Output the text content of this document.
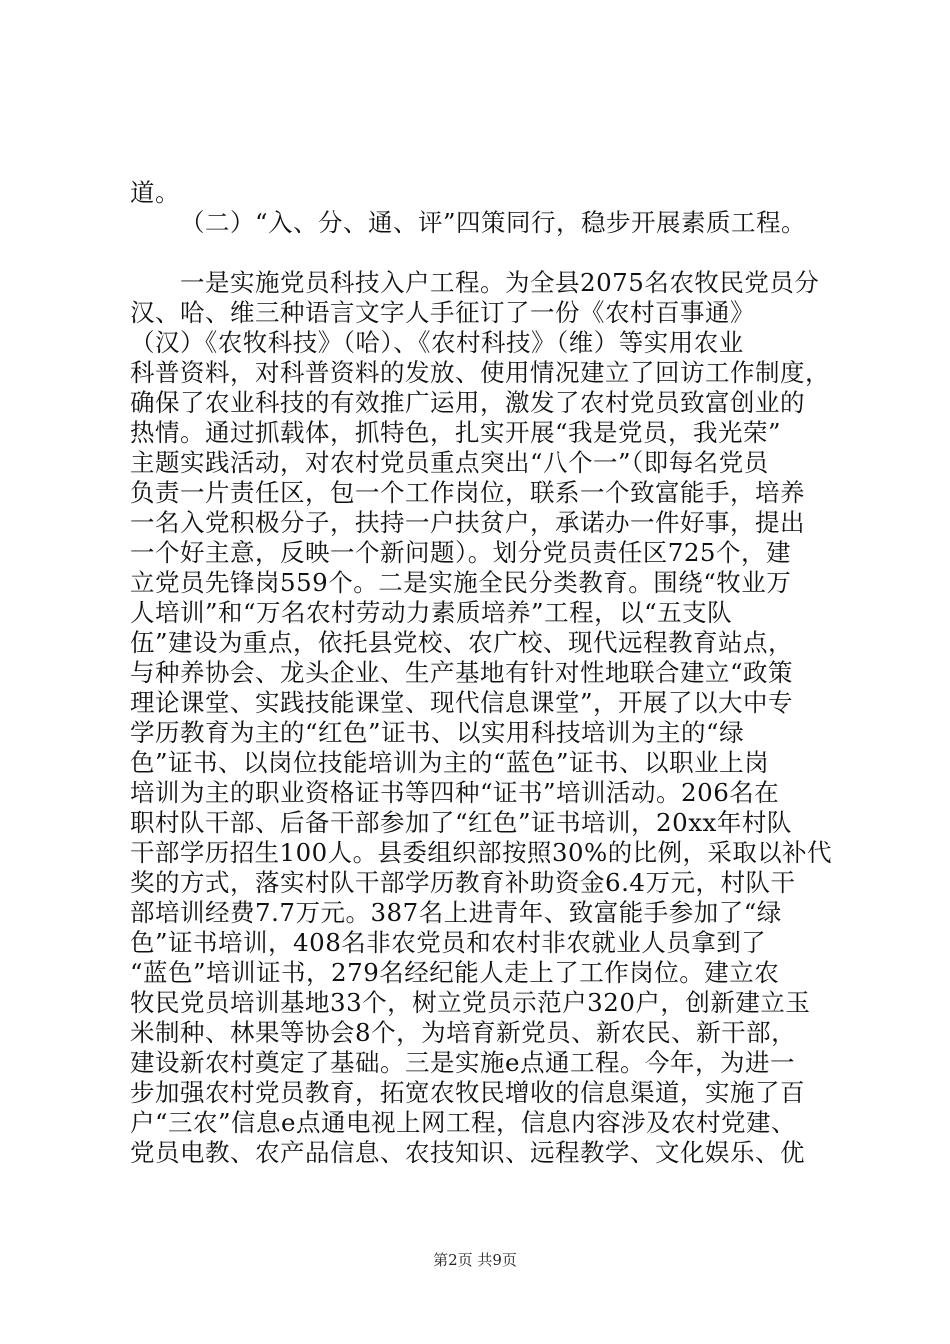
道。
（二）“入、分、通、评”四策同行，稳步开展素质工程。
一是实施党员科技入户工程。为全县2075名农牧民党员分
汉、哈、维三种语言文字人手征订了一份《农村百事通》
（汉）《农牧科技》（哈）、《农村科技》（维）等实用农业
科普资料，对科普资料的发放、使用情况建立了回访工作制度，
确保了农业科技的有效推广运用，激发了农村党员致富创业的
热情。通过抓载体，抓特色，扎实开展“我是党员，我光荣”
主题实践活动，对农村党员重点突出“八个一”（即每名党员
负责一片责任区，包一个工作岗位，联系一个致富能手，培养
一名入党积极分子，扶持一户扶贫户，承诺办一件好事，提出
一个好主意，反映一个新问题）。划分党员责任区725个，建
立党员先锋岗559个。二是实施全民分类教育。围绕“牧业万
人培训”和“万名农村劳动力素质培养”工程，以“五支队
伍”建设为重点，依托县党校、农广校、现代远程教育站点，
与种养协会、龙头企业、生产基地有针对性地联合建立“政策
理论课堂、实践技能课堂、现代信息课堂”，开展了以大中专
学历教育为主的“红色”证书、以实用科技培训为主的“绿
色”证书、以岗位技能培训为主的“蓝色”证书、以职业上岗
培训为主的职业资格证书等四种“证书”培训活动。206名在
职村队干部、后备干部参加了“红色”证书培训，20xx年村队
干部学历招生100人。县委组织部按照30%的比例，采取以补代
奖的方式，落实村队干部学历教育补助资金6.4万元，村队干
部培训经费7.7万元。387名上进青年、致富能手参加了“绿
色”证书培训，408名非农党员和农村非农就业人员拿到了
“蓝色”培训证书，279名经纪能人走上了工作岗位。建立农
牧民党员培训基地33个，树立党员示范户320户，创新建立玉
米制种、林果等协会8个，为培育新党员、新农民、新干部，
建设新农村奠定了基础。三是实施e点通工程。今年，为进一
步加强农村党员教育，拓宽农牧民增收的信息渠道，实施了百
户“三农”信息e点通电视上网工程，信息内容涉及农村党建、
党员电教、农产品信息、农技知识、远程教学、文化娱乐、优
第2页 共9页
